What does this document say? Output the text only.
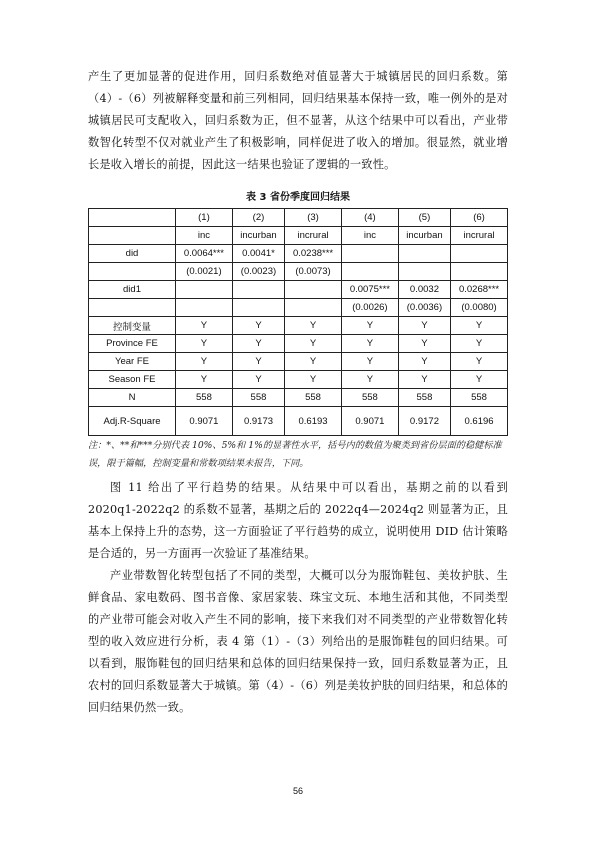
产生了更加显著的促进作用，回归系数绝对值显著大于城镇居民的回归系数。第（4）-（6）列被解释变量和前三列相同，回归结果基本保持一致，唯一例外的是对城镇居民可支配收入，回归系数为正，但不显著，从这个结果中可以看出，产业带数智化转型不仅对就业产生了积极影响，同样促进了收入的增加。很显然，就业增长是收入增长的前提，因此这一结果也验证了逻辑的一致性。

表 3 省份季度回归结果
	(1)	(2)	(3)	(4)	(5)	(6)
	inc	incurban	incrural	inc	incurban	incrural
did	0.0064***	0.0041*	0.0238***			
	(0.0021)	(0.0023)	(0.0073)			
did1				0.0075***	0.0032	0.0268***
				(0.0026)	(0.0036)	(0.0080)
控制变量	Y	Y	Y	Y	Y	Y
Province FE	Y	Y	Y	Y	Y	Y
Year FE	Y	Y	Y	Y	Y	Y
Season FE	Y	Y	Y	Y	Y	Y
N	558	558	558	558	558	558
Adj.R-Square	0.9071	0.9173	0.6193	0.9071	0.9172	0.6196

注：*、**和***分别代表 10%、5%和 1%的显著性水平，括号内的数值为聚类到省份层面的稳健标准误，限于篇幅，控制变量和常数项结果未报告，下同。

图 11 给出了平行趋势的结果。从结果中可以看出，基期之前的以看到 2020q1-2022q2 的系数不显著，基期之后的 2022q4—2024q2 则显著为正，且基本上保持上升的态势，这一方面验证了平行趋势的成立，说明使用 DID 估计策略是合适的，另一方面再一次验证了基准结果。

产业带数智化转型包括了不同的类型，大概可以分为服饰鞋包、美妆护肤、生鲜食品、家电数码、图书音像、家居家装、珠宝文玩、本地生活和其他，不同类型的产业带可能会对收入产生不同的影响，接下来我们对不同类型的产业带数智化转型的收入效应进行分析，表 4 第（1）-（3）列给出的是服饰鞋包的回归结果。可以看到，服饰鞋包的回归结果和总体的回归结果保持一致，回归系数显著为正，且农村的回归系数显著大于城镇。第（4）-（6）列是美妆护肤的回归结果，和总体的回归结果仍然一致。

56
